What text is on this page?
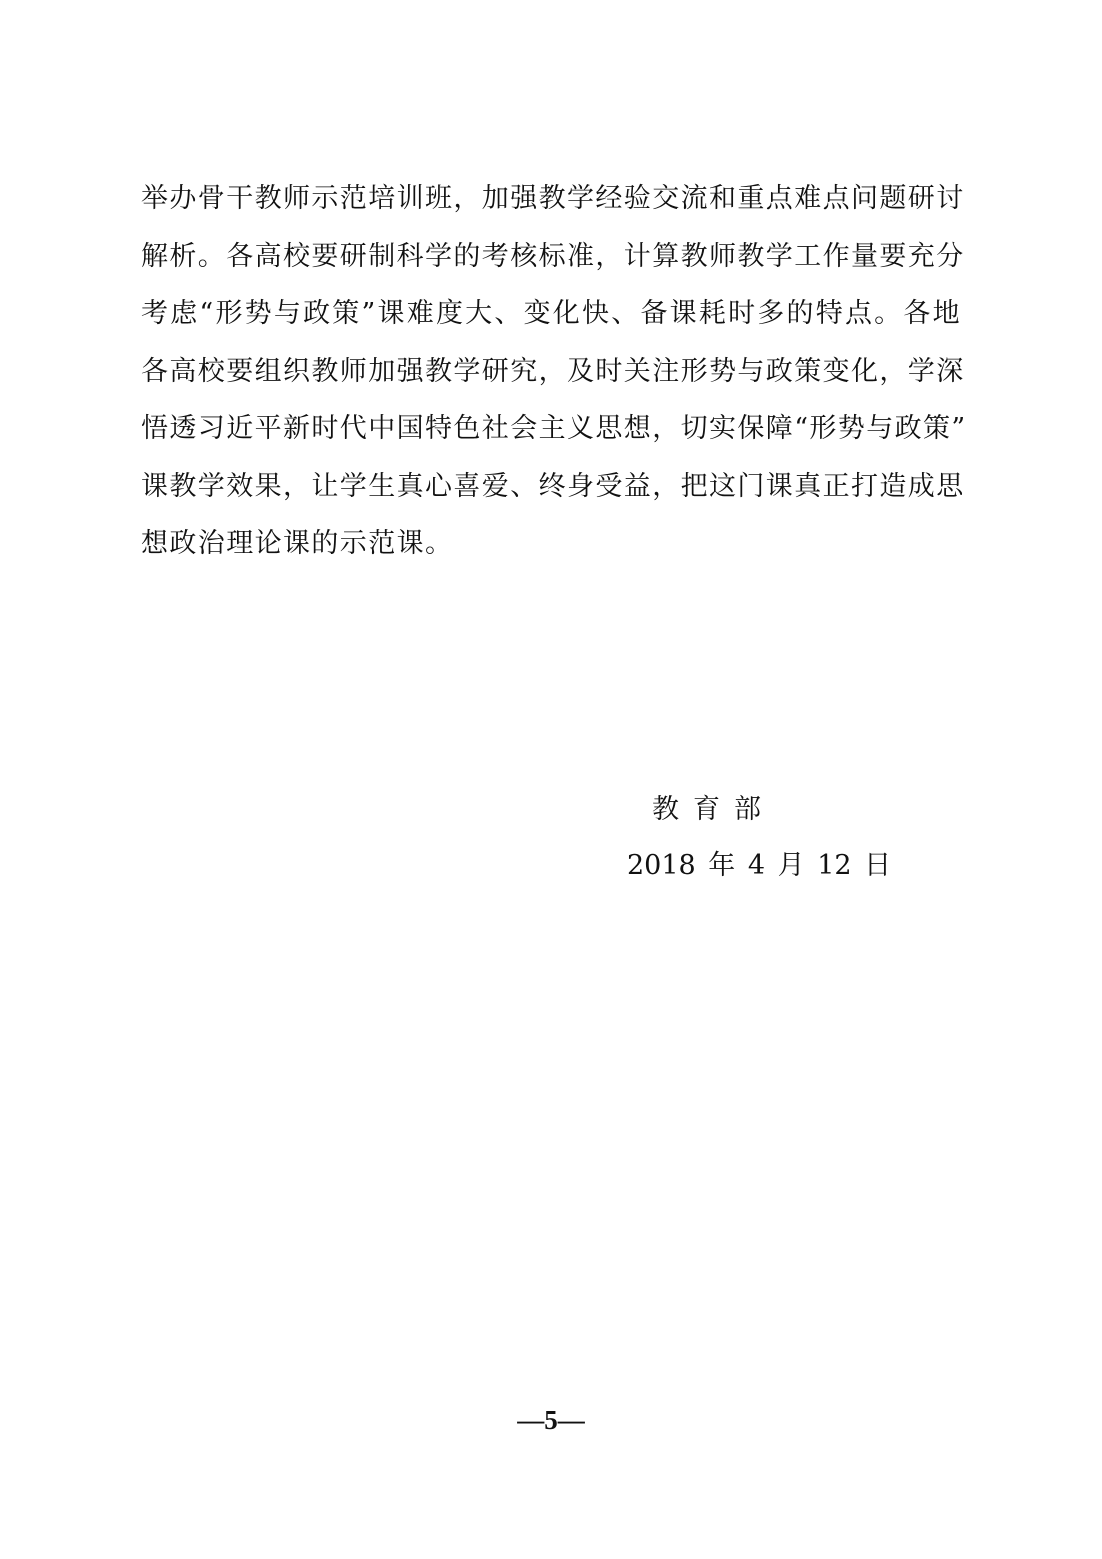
举办骨干教师示范培训班，加强教学经验交流和重点难点问题研讨
解析。各高校要研制科学的考核标准，计算教师教学工作量要充分
考虑“形势与政策”课难度大、变化快、备课耗时多的特点。各地
各高校要组织教师加强教学研究，及时关注形势与政策变化，学深
悟透习近平新时代中国特色社会主义思想，切实保障“形势与政策”
课教学效果，让学生真心喜爱、终身受益，把这门课真正打造成思
想政治理论课的示范课。
教育部
2018 年 4 月 12 日
—5—
